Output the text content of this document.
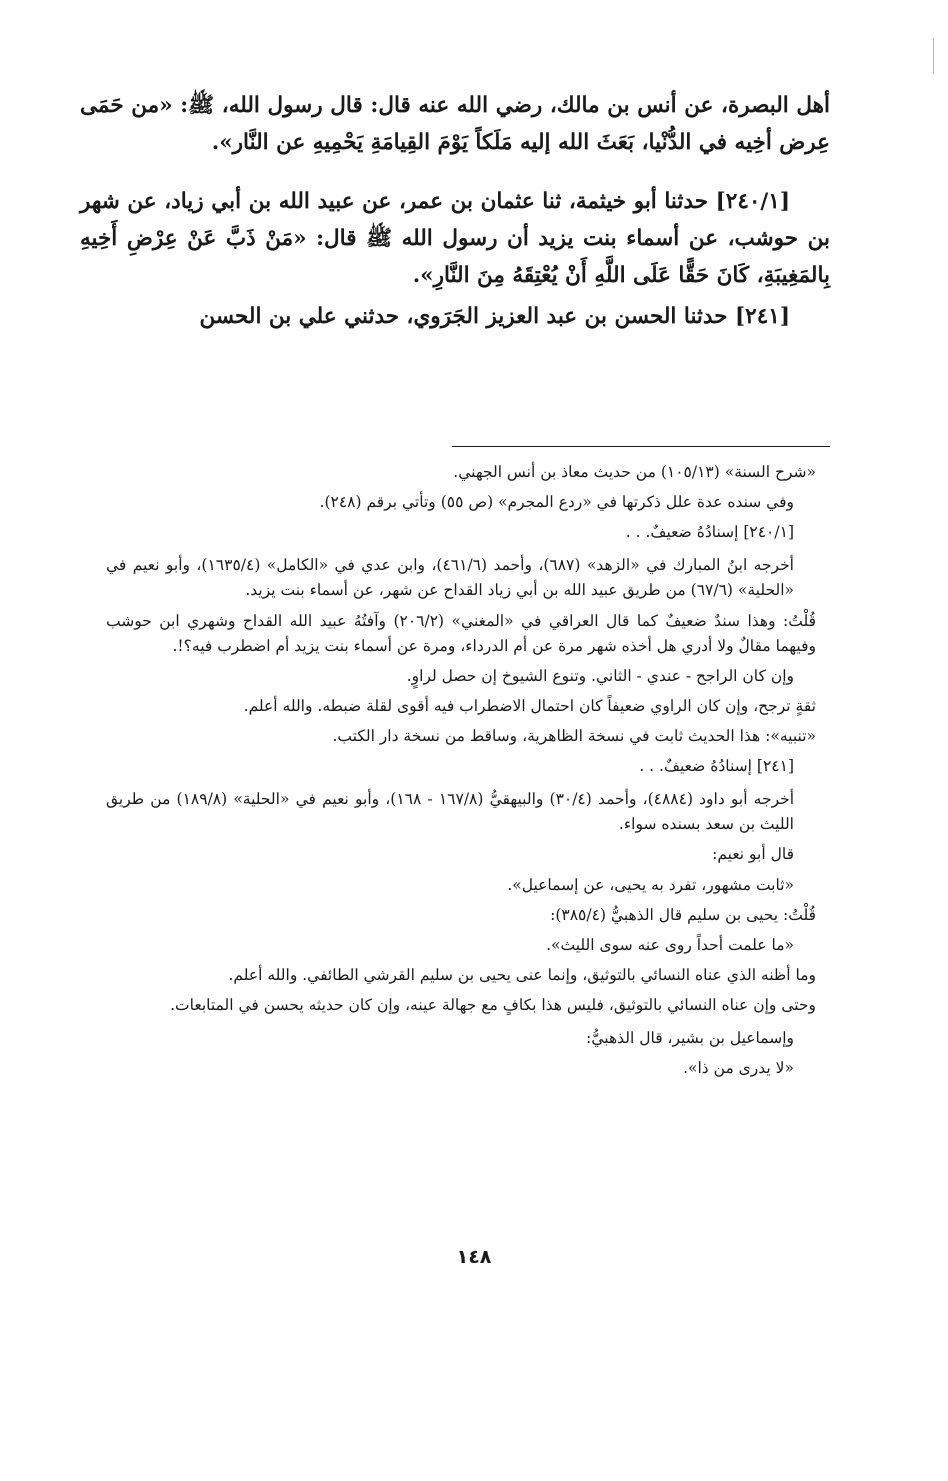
أهل البصرة، عن أنس بن مالك، رضي الله عنه قال: قال رسول الله، ﷺ: «من حَمَى عِرض أخِيه في الدُّنْيا، بَعَثَ الله إليه مَلَكاً يَوْمَ القِيامَةِ يَحْمِيهِ عن النَّار».

[٢٤٠/١] حدثنا أبو خيثمة، ثنا عثمان بن عمر، عن عبيد الله بن أبي زياد، عن شهر بن حوشب، عن أسماء بنت يزيد أن رسول الله ﷺ قال: «مَنْ ذَبَّ عَنْ عِرْضِ أَخِيهِ بِالمَغِيبَةِ، كَانَ حَقًّا عَلَى اللَّهِ أَنْ يُعْتِقَهُ مِنَ النَّارِ».

[٢٤١] حدثنا الحسن بن عبد العزيز الجَرَوي، حدثني علي بن الحسن

«شرح السنة» (١٠٥/١٣) من حديث معاذ بن أنس الجهني.

وفي سنده عدة علل ذكرتها في «ردع المجرم» (ص ٥٥) وتأتي برقم (٢٤٨).

[٢٤٠/١] إسنادُهُ ضعيفٌ. . .

أخرجه ابنُ المبارك في «الزهد» (٦٨٧)، وأحمد (٤٦١/٦)، وابن عدي في «الكامل» (١٦٣٥/٤)، وأبو نعيم في «الحلية» (٦٧/٦) من طريق عبيد الله بن أبي زياد القداح عن شهر، عن أسماء بنت يزيد.

قُلْتُ: وهذا سندٌ ضعيفٌ كما قال العراقي في «المغني» (٢٠٦/٢) وآفتُهُ عبيد الله القداح وشهري ابن حوشب وفيهما مقالٌ ولا أدري هل أخذه شهر مرة عن أم الدرداء، ومرة عن أسماء بنت يزيد أم اضطرب فيه؟!.

وإن كان الراجح - عندي - الثاني. وتنوع الشيوخ إن حصل لراوٍ.

ثقةٍ ترجح، وإن كان الراوي ضعيفاً كان احتمال الاضطراب فيه أقوى لقلة ضبطه. والله أعلم.

«تنبيه»: هذا الحديث ثابت في نسخة الظاهرية، وساقط من نسخة دار الكتب.

[٢٤١] إسنادُهُ ضعيفٌ. . .

أخرجه أبو داود (٤٨٨٤)، وأحمد (٣٠/٤) والبيهقيُّ (١٦٧/٨ - ١٦٨)، وأبو نعيم في «الحلية» (١٨٩/٨) من طريق الليث بن سعد بسنده سواء.

قال أبو نعيم:

«ثابت مشهور، تفرد به يحيى، عن إسماعيل».

قُلْتُ: يحيى بن سليم قال الذهبيُّ (٣٨٥/٤):

«ما علمت أحداً روى عنه سوى الليث».

وما أظنه الذي عناه النسائي بالتوثيق، وإنما عنى يحيى بن سليم القرشي الطائفي. والله أعلم.

وحتى وإن عناه النسائي بالتوثيق، فليس هذا بكافٍ مع جهالة عينه، وإن كان حديثه يحسن في المتابعات.

وإسماعيل بن بشير، قال الذهبيُّ:

«لا يدرى من ذا».

١٤٨
